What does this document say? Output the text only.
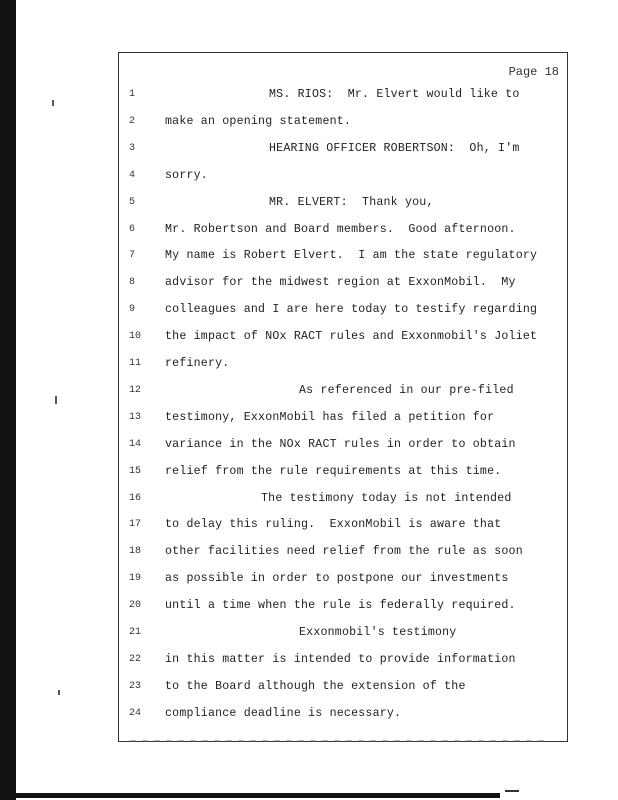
Page 18
1	MS. RIOS:  Mr. Elvert would like to
2	make an opening statement.
3	HEARING OFFICER ROBERTSON:  Oh, I'm
4	sorry.
5	MR. ELVERT:  Thank you,
6	Mr. Robertson and Board members.  Good afternoon.
7	My name is Robert Elvert.  I am the state regulatory
8	advisor for the midwest region at ExxonMobil.  My
9	colleagues and I are here today to testify regarding
10	the impact of NOx RACT rules and Exxonmobil's Joliet
11	refinery.
12	As referenced in our pre-filed
13	testimony, ExxonMobil has filed a petition for
14	variance in the NOx RACT rules in order to obtain
15	relief from the rule requirements at this time.
16	The testimony today is not intended
17	to delay this ruling.  ExxonMobil is aware that
18	other facilities need relief from the rule as soon
19	as possible in order to postpone our investments
20	until a time when the rule is federally required.
21	Exxonmobil's testimony
22	in this matter is intended to provide information
23	to the Board although the extension of the
24	compliance deadline is necessary.
